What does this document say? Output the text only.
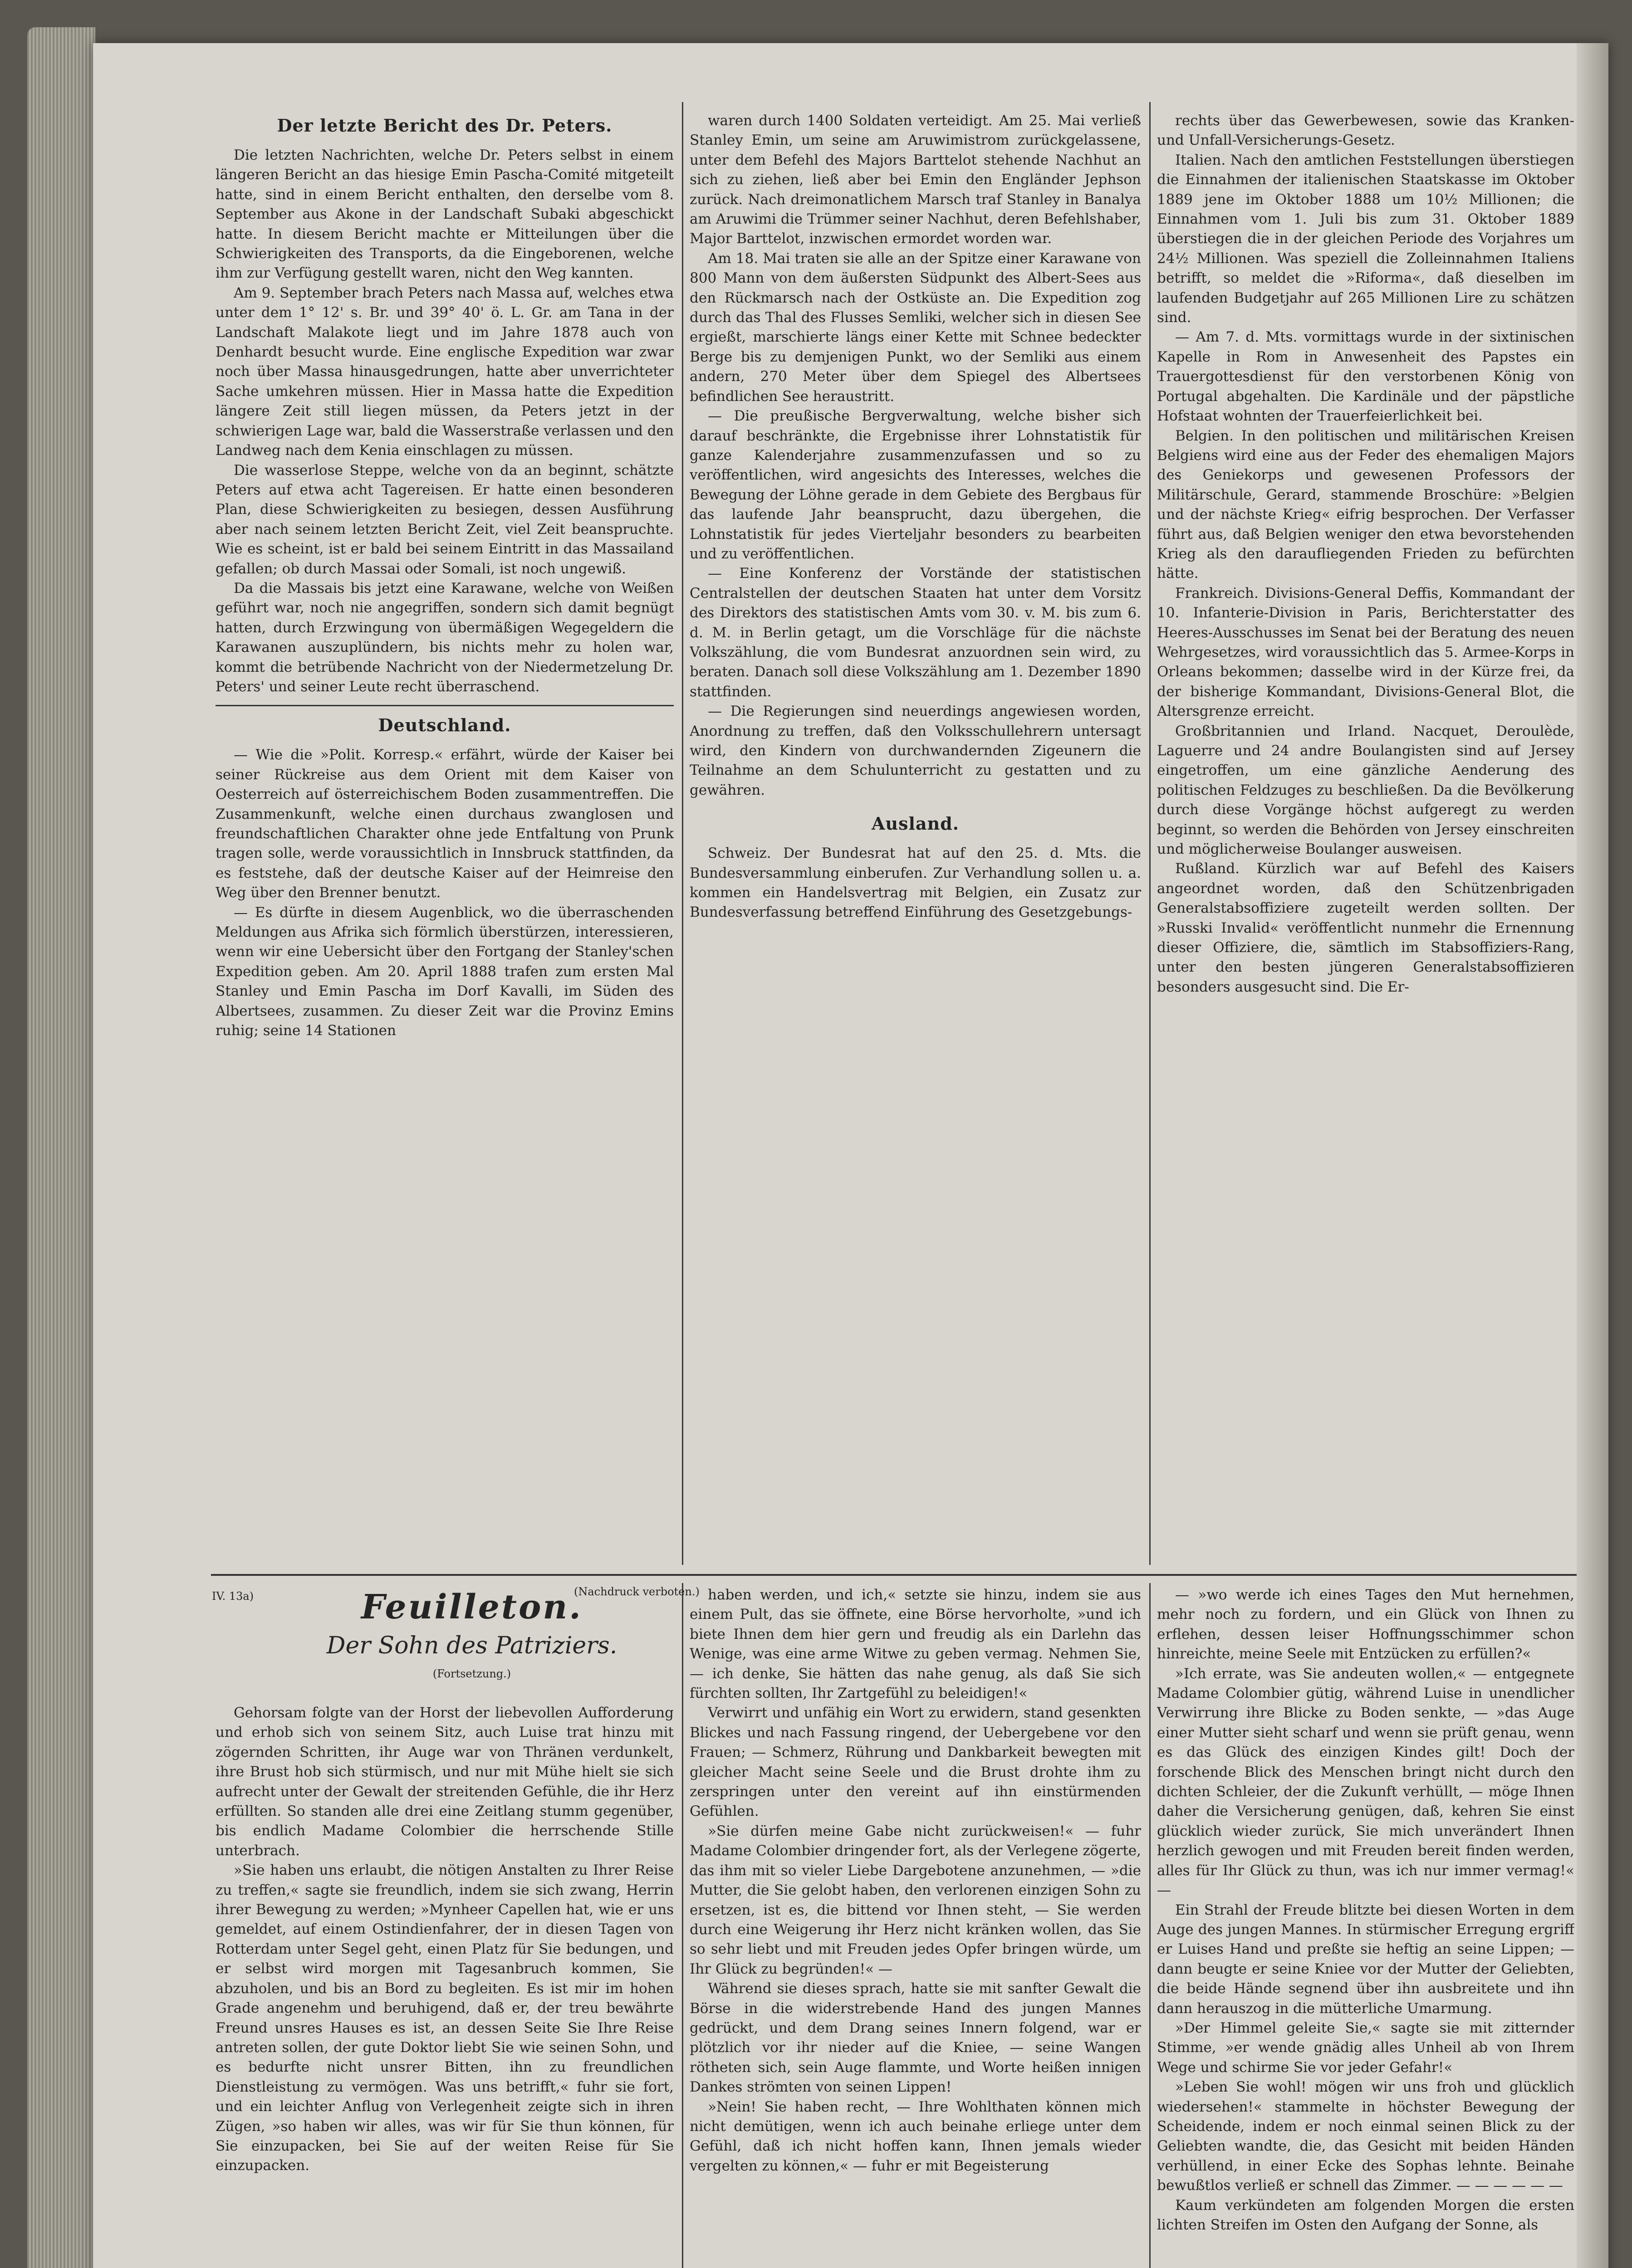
Der letzte Bericht des Dr. Peters.

Die letzten Nachrichten, welche Dr. Peters selbst in einem längeren Bericht an das hiesige Emin Pascha-Comité mitgeteilt hatte, sind in einem Bericht enthalten, den derselbe vom 8. September aus Akone in der Landschaft Subaki abgeschickt hatte. In diesem Bericht machte er Mitteilungen über die Schwierigkeiten des Transports, da die Eingeborenen, welche ihm zur Verfügung gestellt waren, nicht den Weg kannten.

Am 9. September brach Peters nach Massa auf, welches etwa unter dem 1° 12' s. Br. und 39° 40' ö. L. Gr. am Tana in der Landschaft Malakote liegt und im Jahre 1878 auch von Denhardt besucht wurde. Eine englische Expedition war zwar noch über Massa hinausgedrungen, hatte aber unverrichteter Sache umkehren müssen. Hier in Massa hatte die Expedition längere Zeit still liegen müssen, da Peters jetzt in der schwierigen Lage war, bald die Wasserstraße verlassen und den Landweg nach dem Kenia einschlagen zu müssen.

Die wasserlose Steppe, welche von da an beginnt, schätzte Peters auf etwa acht Tagereisen. Er hatte einen besonderen Plan, diese Schwierigkeiten zu besiegen, dessen Ausführung aber nach seinem letzten Bericht Zeit, viel Zeit beanspruchte. Wie es scheint, ist er bald bei seinem Eintritt in das Massailand gefallen; ob durch Massai oder Somali, ist noch ungewiß.

Da die Massais bis jetzt eine Karawane, welche von Weißen geführt war, noch nie angegriffen, sondern sich damit begnügt hatten, durch Erzwingung von übermäßigen Wegegeldern die Karawanen auszuplündern, bis nichts mehr zu holen war, kommt die betrübende Nachricht von der Niedermetzelung Dr. Peters' und seiner Leute recht überraschend.

Deutschland.

— Wie die »Polit. Korresp.« erfährt, würde der Kaiser bei seiner Rückreise aus dem Orient mit dem Kaiser von Oesterreich auf österreichischem Boden zusammentreffen. Die Zusammenkunft, welche einen durchaus zwanglosen und freundschaftlichen Charakter ohne jede Entfaltung von Prunk tragen solle, werde voraussichtlich in Innsbruck stattfinden, da es feststehe, daß der deutsche Kaiser auf der Heimreise den Weg über den Brenner benutzt.

— Es dürfte in diesem Augenblick, wo die überraschenden Meldungen aus Afrika sich förmlich überstürzen, interessieren, wenn wir eine Uebersicht über den Fortgang der Stanley'schen Expedition geben. Am 20. April 1888 trafen zum ersten Mal Stanley und Emin Pascha im Dorf Kavalli, im Süden des Albertsees, zusammen. Zu dieser Zeit war die Provinz Emins ruhig; seine 14 Stationen

waren durch 1400 Soldaten verteidigt. Am 25. Mai verließ Stanley Emin, um seine am Aruwimistrom zurückgelassene, unter dem Befehl des Majors Barttelot stehende Nachhut an sich zu ziehen, ließ aber bei Emin den Engländer Jephson zurück. Nach dreimonatlichem Marsch traf Stanley in Banalya am Aruwimi die Trümmer seiner Nachhut, deren Befehlshaber, Major Barttelot, inzwischen ermordet worden war.

Am 18. Mai traten sie alle an der Spitze einer Karawane von 800 Mann von dem äußersten Südpunkt des Albert-Sees aus den Rückmarsch nach der Ostküste an. Die Expedition zog durch das Thal des Flusses Semliki, welcher sich in diesen See ergießt, marschierte längs einer Kette mit Schnee bedeckter Berge bis zu demjenigen Punkt, wo der Semliki aus einem andern, 270 Meter über dem Spiegel des Albertsees befindlichen See heraustritt.

— Die preußische Bergverwaltung, welche bisher sich darauf beschränkte, die Ergebnisse ihrer Lohnstatistik für ganze Kalenderjahre zusammenzufassen und so zu veröffentlichen, wird angesichts des Interesses, welches die Bewegung der Löhne gerade in dem Gebiete des Bergbaus für das laufende Jahr beansprucht, dazu übergehen, die Lohnstatistik für jedes Vierteljahr besonders zu bearbeiten und zu veröffentlichen.

— Eine Konferenz der Vorstände der statistischen Centralstellen der deutschen Staaten hat unter dem Vorsitz des Direktors des statistischen Amts vom 30. v. M. bis zum 6. d. M. in Berlin getagt, um die Vorschläge für die nächste Volkszählung, die vom Bundesrat anzuordnen sein wird, zu beraten. Danach soll diese Volkszählung am 1. Dezember 1890 stattfinden.

— Die Regierungen sind neuerdings angewiesen worden, Anordnung zu treffen, daß den Volksschullehrern untersagt wird, den Kindern von durchwandernden Zigeunern die Teilnahme an dem Schulunterricht zu gestatten und zu gewähren.

Ausland.

Schweiz. Der Bundesrat hat auf den 25. d. Mts. die Bundesversammlung einberufen. Zur Verhandlung sollen u. a. kommen ein Handelsvertrag mit Belgien, ein Zusatz zur Bundesverfassung betreffend Einführung des Gesetzgebungs-

rechts über das Gewerbewesen, sowie das Kranken- und Unfall-Versicherungs-Gesetz.

Italien. Nach den amtlichen Feststellungen überstiegen die Einnahmen der italienischen Staatskasse im Oktober 1889 jene im Oktober 1888 um 10½ Millionen; die Einnahmen vom 1. Juli bis zum 31. Oktober 1889 überstiegen die in der gleichen Periode des Vorjahres um 24½ Millionen. Was speziell die Zolleinnahmen Italiens betrifft, so meldet die »Riforma«, daß dieselben im laufenden Budgetjahr auf 265 Millionen Lire zu schätzen sind.

— Am 7. d. Mts. vormittags wurde in der sixtinischen Kapelle in Rom in Anwesenheit des Papstes ein Trauergottesdienst für den verstorbenen König von Portugal abgehalten. Die Kardinäle und der päpstliche Hofstaat wohnten der Trauerfeierlichkeit bei.

Belgien. In den politischen und militärischen Kreisen Belgiens wird eine aus der Feder des ehemaligen Majors des Geniekorps und gewesenen Professors der Militärschule, Gerard, stammende Broschüre: »Belgien und der nächste Krieg« eifrig besprochen. Der Verfasser führt aus, daß Belgien weniger den etwa bevorstehenden Krieg als den daraufliegenden Frieden zu befürchten hätte.

Frankreich. Divisions-General Deffis, Kommandant der 10. Infanterie-Division in Paris, Berichterstatter des Heeres-Ausschusses im Senat bei der Beratung des neuen Wehrgesetzes, wird voraussichtlich das 5. Armee-Korps in Orleans bekommen; dasselbe wird in der Kürze frei, da der bisherige Kommandant, Divisions-General Blot, die Altersgrenze erreicht.

Großbritannien und Irland. Nacquet, Deroulède, Laguerre und 24 andre Boulangisten sind auf Jersey eingetroffen, um eine gänzliche Aenderung des politischen Feldzuges zu beschließen. Da die Bevölkerung durch diese Vorgänge höchst aufgeregt zu werden beginnt, so werden die Behörden von Jersey einschreiten und möglicherweise Boulanger ausweisen.

Rußland. Kürzlich war auf Befehl des Kaisers angeordnet worden, daß den Schützenbrigaden Generalstabsoffiziere zugeteilt werden sollten. Der »Russki Invalid« veröffentlicht nunmehr die Ernennung dieser Offiziere, die, sämtlich im Stabsoffiziers-Rang, unter den besten jüngeren Generalstabsoffizieren besonders ausgesucht sind. Die Er-

IV. 13a)	(Nachdruck verboten.)
Feuilleton.
Der Sohn des Patriziers.
(Fortsetzung.)

Gehorsam folgte van der Horst der liebevollen Aufforderung und erhob sich von seinem Sitz, auch Luise trat hinzu mit zögernden Schritten, ihr Auge war von Thränen verdunkelt, ihre Brust hob sich stürmisch, und nur mit Mühe hielt sie sich aufrecht unter der Gewalt der streitenden Gefühle, die ihr Herz erfüllten. So standen alle drei eine Zeitlang stumm gegenüber, bis endlich Madame Colombier die herrschende Stille unterbrach.

»Sie haben uns erlaubt, die nötigen Anstalten zu Ihrer Reise zu treffen,« sagte sie freundlich, indem sie sich zwang, Herrin ihrer Bewegung zu werden; »Mynheer Capellen hat, wie er uns gemeldet, auf einem Ostindienfahrer, der in diesen Tagen von Rotterdam unter Segel geht, einen Platz für Sie bedungen, und er selbst wird morgen mit Tagesanbruch kommen, Sie abzuholen, und bis an Bord zu begleiten. Es ist mir im hohen Grade angenehm und beruhigend, daß er, der treu bewährte Freund unsres Hauses es ist, an dessen Seite Sie Ihre Reise antreten sollen, der gute Doktor liebt Sie wie seinen Sohn, und es bedurfte nicht unsrer Bitten, ihn zu freundlichen Dienstleistung zu vermögen. Was uns betrifft,« fuhr sie fort, und ein leichter Anflug von Verlegenheit zeigte sich in ihren Zügen, »so haben wir alles, was wir für Sie thun können, für Sie einzupacken, bei Sie auf der weiten Reise für Sie einzupacken.

haben werden, und ich,« setzte sie hinzu, indem sie aus einem Pult, das sie öffnete, eine Börse hervorholte, »und ich biete Ihnen dem hier gern und freudig als ein Darlehn das Wenige, was eine arme Witwe zu geben vermag. Nehmen Sie, — ich denke, Sie hätten das nahe genug, als daß Sie sich fürchten sollten, Ihr Zartgefühl zu beleidigen!«

Verwirrt und unfähig ein Wort zu erwidern, stand gesenkten Blickes und nach Fassung ringend, der Uebergebene vor den Frauen; — Schmerz, Rührung und Dankbarkeit bewegten mit gleicher Macht seine Seele und die Brust drohte ihm zu zerspringen unter den vereint auf ihn einstürmenden Gefühlen.

»Sie dürfen meine Gabe nicht zurückweisen!« — fuhr Madame Colombier dringender fort, als der Verlegene zögerte, das ihm mit so vieler Liebe Dargebotene anzunehmen, — »die Mutter, die Sie gelobt haben, den verlorenen einzigen Sohn zu ersetzen, ist es, die bittend vor Ihnen steht, — Sie werden durch eine Weigerung ihr Herz nicht kränken wollen, das Sie so sehr liebt und mit Freuden jedes Opfer bringen würde, um Ihr Glück zu begründen!« —

Während sie dieses sprach, hatte sie mit sanfter Gewalt die Börse in die widerstrebende Hand des jungen Mannes gedrückt, und dem Drang seines Innern folgend, war er plötzlich vor ihr nieder auf die Kniee, — seine Wangen rötheten sich, sein Auge flammte, und Worte heißen innigen Dankes strömten von seinen Lippen!

»Nein! Sie haben recht, — Ihre Wohlthaten können mich nicht demütigen, wenn ich auch beinahe erliege unter dem Gefühl, daß ich nicht hoffen kann, Ihnen jemals wieder vergelten zu können,« — fuhr er mit Begeisterung

— »wo werde ich eines Tages den Mut hernehmen, mehr noch zu fordern, und ein Glück von Ihnen zu erflehen, dessen leiser Hoffnungsschimmer schon hinreichte, meine Seele mit Entzücken zu erfüllen?«

»Ich errate, was Sie andeuten wollen,« — entgegnete Madame Colombier gütig, während Luise in unendlicher Verwirrung ihre Blicke zu Boden senkte, — »das Auge einer Mutter sieht scharf und wenn sie prüft genau, wenn es das Glück des einzigen Kindes gilt! Doch der forschende Blick des Menschen bringt nicht durch den dichten Schleier, der die Zukunft verhüllt, — möge Ihnen daher die Versicherung genügen, daß, kehren Sie einst glücklich wieder zurück, Sie mich unverändert Ihnen herzlich gewogen und mit Freuden bereit finden werden, alles für Ihr Glück zu thun, was ich nur immer vermag!« —

Ein Strahl der Freude blitzte bei diesen Worten in dem Auge des jungen Mannes. In stürmischer Erregung ergriff er Luises Hand und preßte sie heftig an seine Lippen; — dann beugte er seine Kniee vor der Mutter der Geliebten, die beide Hände segnend über ihn ausbreitete und ihn dann herauszog in die mütterliche Umarmung.

»Der Himmel geleite Sie,« sagte sie mit zitternder Stimme, »er wende gnädig alles Unheil ab von Ihrem Wege und schirme Sie vor jeder Gefahr!«

»Leben Sie wohl! mögen wir uns froh und glücklich wiedersehen!« stammelte in höchster Bewegung der Scheidende, indem er noch einmal seinen Blick zu der Geliebten wandte, die, das Gesicht mit beiden Händen verhüllend, in einer Ecke des Sophas lehnte. Beinahe bewußtlos verließ er schnell das Zimmer. — — — — — —

Kaum verkündeten am folgenden Morgen die ersten lichten Streifen im Osten den Aufgang der Sonne, als
